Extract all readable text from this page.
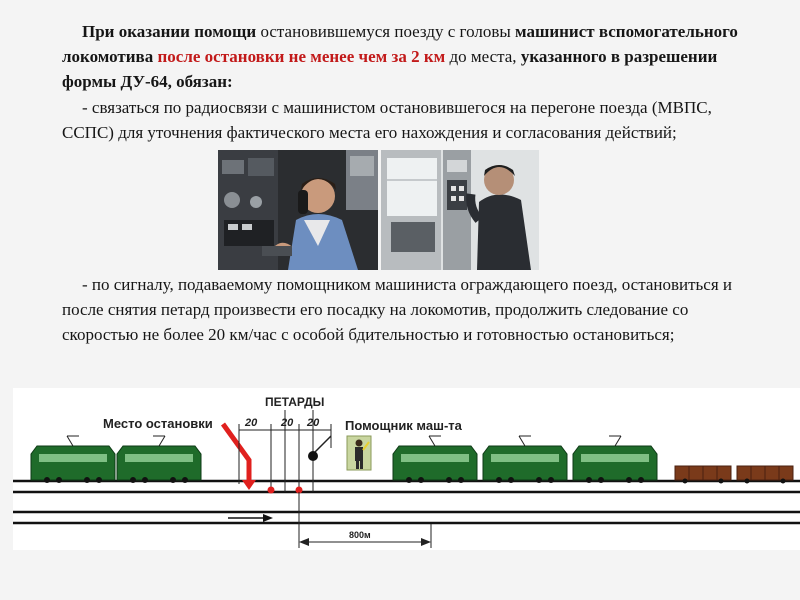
При оказании помощи остановившемуся поезду с головы машинист вспомогательного локомотива после остановки не менее чем за 2 км до места, указанного в разрешении формы ДУ-64, обязан:
- связаться по радиосвязи с машинистом остановившегося на перегоне поезда (МВПС, ССПС) для уточнения фактического места его нахождения и согласования действий;
- по сигналу, подаваемому помощником машиниста ограждающего поезд, остановиться и после снятия петард произвести его посадку на локомотив, продолжить следование со скоростью не более 20 км/час с особой бдительностью и готовностью остановиться;
Место остановки
ПЕТАРДЫ
20 20 20 Помощник маш-та
800м
